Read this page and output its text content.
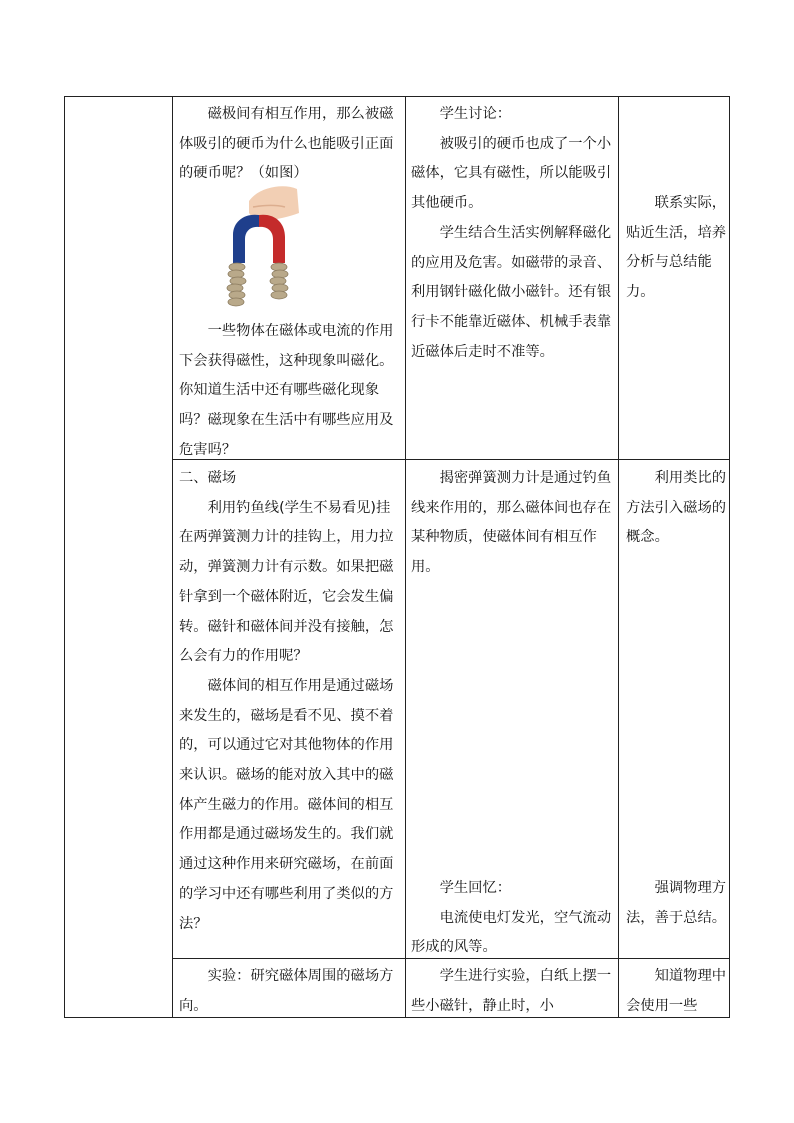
磁极间有相互作用，那么被磁体吸引的硬币为什么也能吸引正面的硬币呢？（如图）

一些物体在磁体或电流的作用下会获得磁性，这种现象叫磁化。你知道生活中还有哪些磁化现象吗？磁现象在生活中有哪些应用及危害吗？

学生讨论：

被吸引的硬币也成了一个小磁体，它具有磁性，所以能吸引其他硬币。

学生结合生活实例解释磁化的应用及危害。如磁带的录音、利用钢针磁化做小磁针。还有银行卡不能靠近磁体、机械手表靠近磁体后走时不准等。

联系实际，贴近生活，培养分析与总结能力。

二、磁场

利用钓鱼线(学生不易看见)挂在两弹簧测力计的挂钩上，用力拉动，弹簧测力计有示数。如果把磁针拿到一个磁体附近，它会发生偏转。磁针和磁体间并没有接触，怎么会有力的作用呢？

磁体间的相互作用是通过磁场来发生的，磁场是看不见、摸不着的，可以通过它对其他物体的作用来认识。磁场的能对放入其中的磁体产生磁力的作用。磁体间的相互作用都是通过磁场发生的。我们就通过这种作用来研究磁场，在前面的学习中还有哪些利用了类似的方法？

揭密弹簧测力计是通过钓鱼线来作用的，那么磁体间也存在某种物质，使磁体间有相互作用。

学生回忆：

电流使电灯发光，空气流动形成的风等。

利用类比的方法引入磁场的概念。

强调物理方法，善于总结。

实验：研究磁体周围的磁场方向。

学生进行实验，白纸上摆一些小磁针，静止时，小

知道物理中会使用一些
